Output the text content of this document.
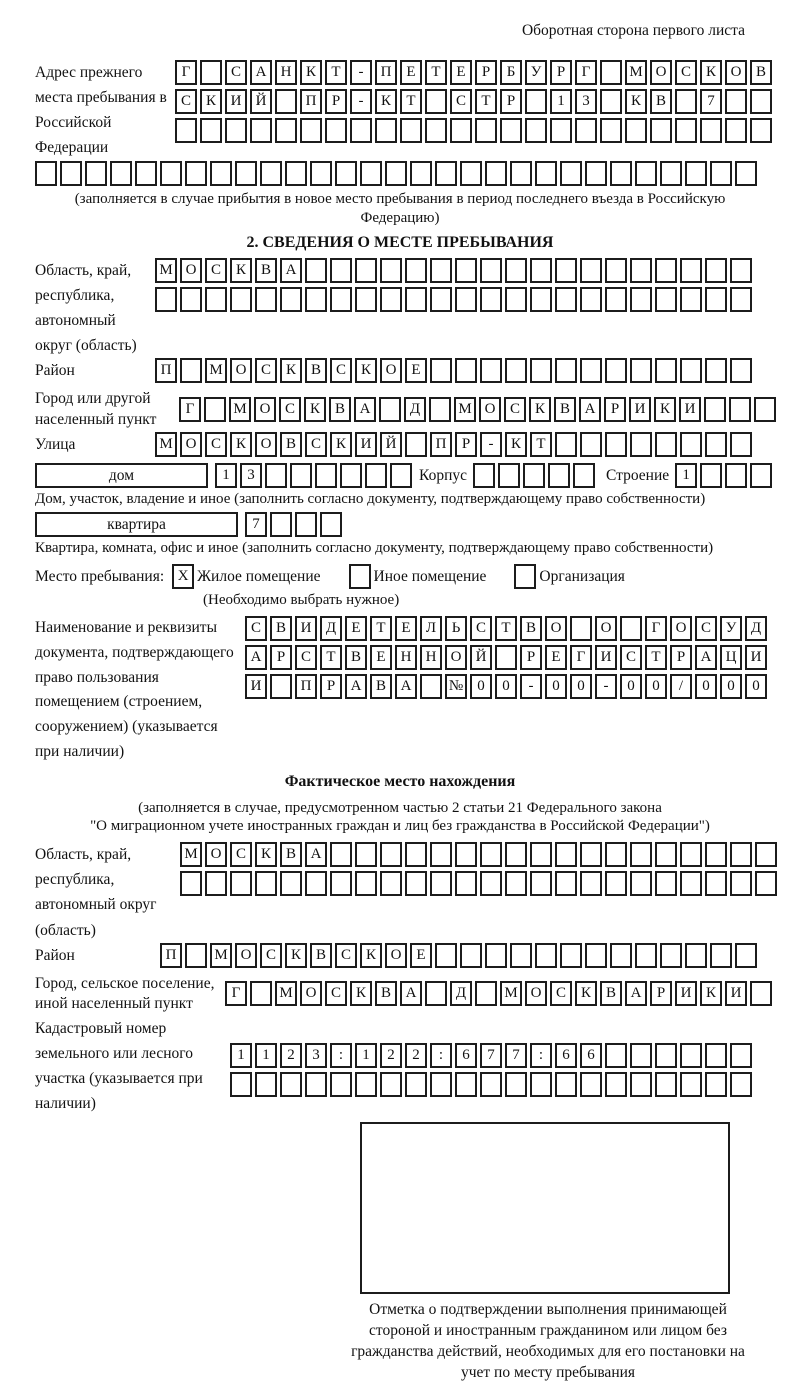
Оборотная сторона первого листа
Адрес прежнего места пребывания в Российской Федерации
Г	С А Н К	Т	-	П Е	Т	Е	Р	Б	У	Р	Г	М О С К О В
С К И Й	П	Р	-	К	Т	С	Т	Р	1	3	К В	7
(заполняется в случае прибытия в новое место пребывания в период последнего въезда в Российскую Федерацию)
2. СВЕДЕНИЯ О МЕСТЕ ПРЕБЫВАНИЯ
Область, край, республика, автономный округ (область)
М О С К В А
Район	П	М О С К В С К О Е
Город или другой населенный пункт
Г	М О С К В А	Д	М О С К В А	Р	И К И
Улица	М О С К О В С К И Й	П	Р	-	К	Т
дом	1	3	Корпус	Строение 1
Дом, участок, владение и иное (заполнить согласно документу, подтверждающему право собственности)
квартира	7
Квартира, комната, офис и иное (заполнить согласно документу, подтверждающему право собственности)
Место пребывания: X Жилое помещение	Иное помещение	Организация
(Необходимо выбрать нужное)
Наименование и реквизиты документа, подтверждающего право пользования помещением (строением, сооружением) (указывается при наличии)
С В И Д	Е	Т	Е	Л	Ь	С	Т	В О	О	Г	О С У Д
А	Р	С	Т	В	Е	Н Н О Й	Р	Е	Г	И С	Т	Р	А Ц И
И	П	Р	А В А	№ 0	0	-	0	0	-	0	0	/	0	0	0
Фактическое место нахождения
(заполняется в случае, предусмотренном частью 2 статьи 21 Федерального закона
"О миграционном учете иностранных граждан и лиц без гражданства в Российской Федерации")
Область, край, республика, автономный округ (область)
М О С К В А
Район	П	М О С К В С К О Е
Город, сельское поселение, иной населенный пункт
Г	М О С К В А	Д	М О С К В А	Р	И К И
Кадастровый номер земельного или лесного участка (указывается при наличии)
1	1	2	3	:	1	2	2	:	6	7	7	:	6	6
Отметка о подтверждении выполнения принимающей стороной и иностранным гражданином или лицом без гражданства действий, необходимых для его постановки на учет по месту пребывания
